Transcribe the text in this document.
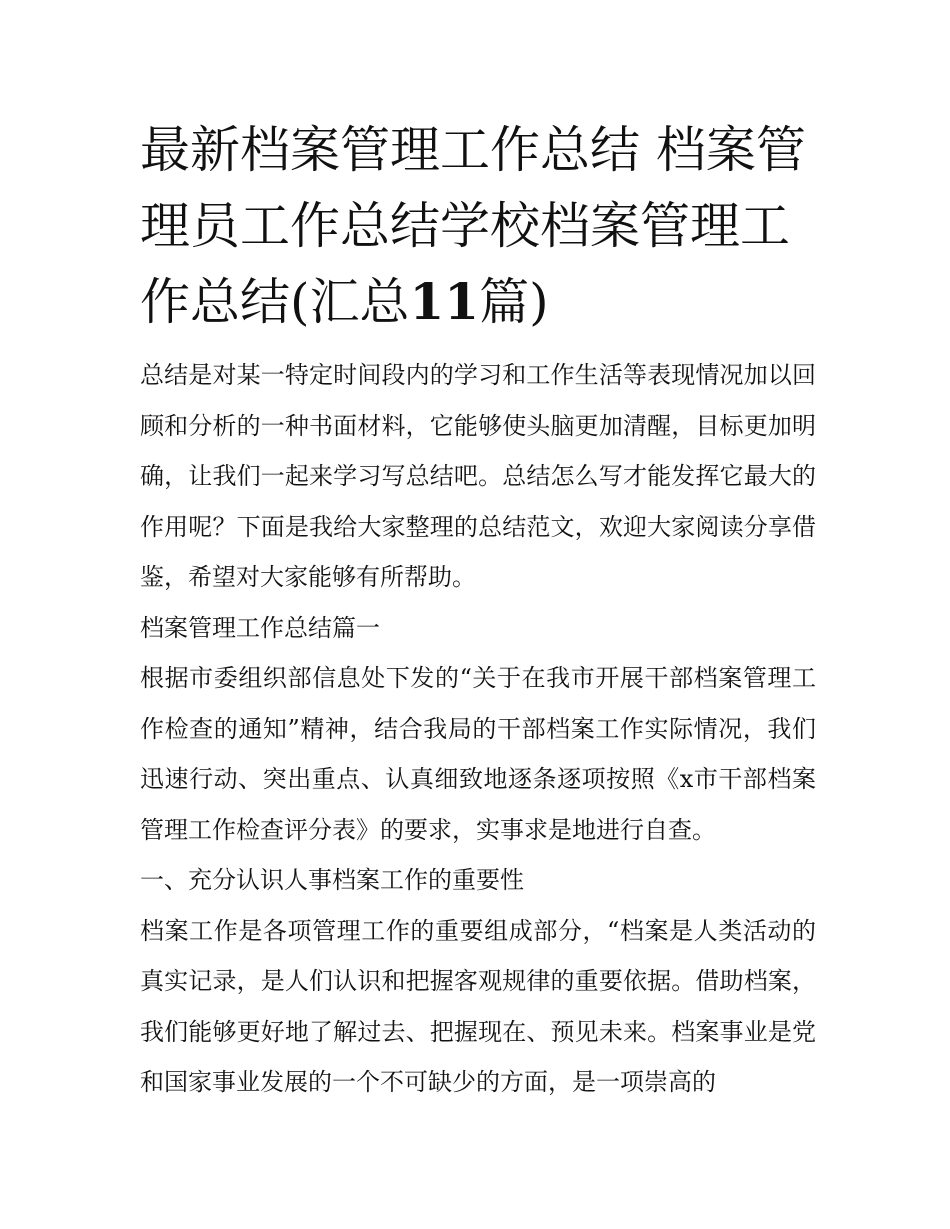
最新档案管理工作总结 档案管理员工作总结学校档案管理工作总结(汇总11篇)

总结是对某一特定时间段内的学习和工作生活等表现情况加以回顾和分析的一种书面材料，它能够使头脑更加清醒，目标更加明确，让我们一起来学习写总结吧。总结怎么写才能发挥它最大的作用呢？下面是我给大家整理的总结范文，欢迎大家阅读分享借鉴，希望对大家能够有所帮助。

档案管理工作总结篇一

根据市委组织部信息处下发的“关于在我市开展干部档案管理工作检查的通知”精神，结合我局的干部档案工作实际情况，我们迅速行动、突出重点、认真细致地逐条逐项按照《x市干部档案管理工作检查评分表》的要求，实事求是地进行自查。

一、充分认识人事档案工作的重要性

档案工作是各项管理工作的重要组成部分，“档案是人类活动的真实记录，是人们认识和把握客观规律的重要依据。借助档案，我们能够更好地了解过去、把握现在、预见未来。档案事业是党和国家事业发展的一个不可缺少的方面，是一项崇高的
